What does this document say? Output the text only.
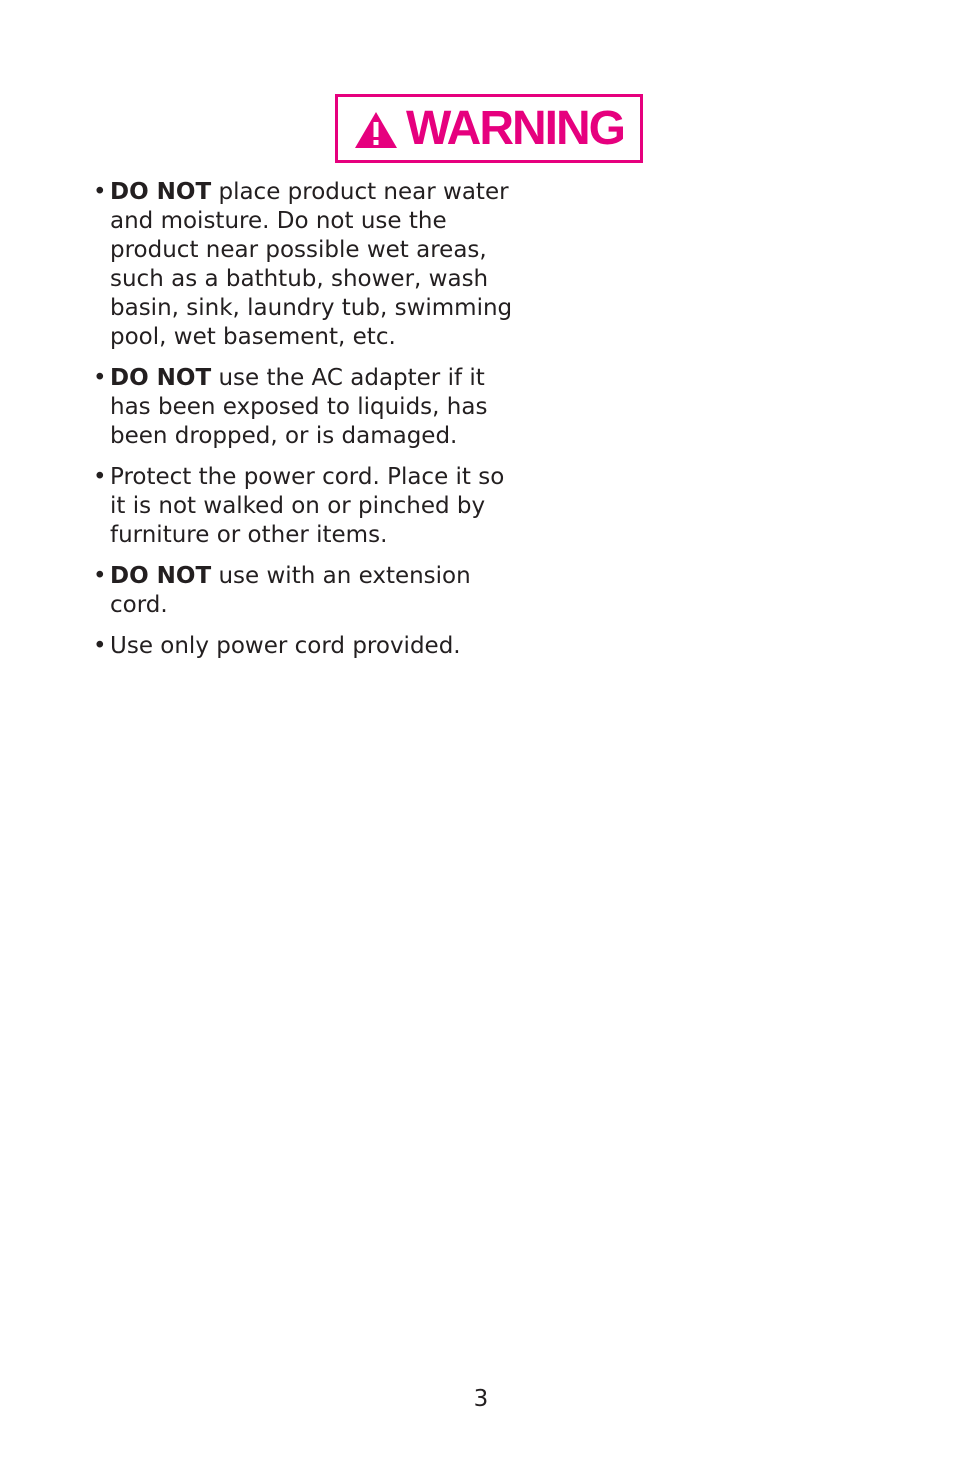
WARNING
• DO NOT place product near water and moisture. Do not use the product near possible wet areas, such as a bathtub, shower, wash basin, sink, laundry tub, swimming pool, wet basement, etc.
• DO NOT use the AC adapter if it has been exposed to liquids, has been dropped, or is damaged.
• Protect the power cord. Place it so it is not walked on or pinched by furniture or other items.
• DO NOT use with an extension cord.
• Use only power cord provided.
3
